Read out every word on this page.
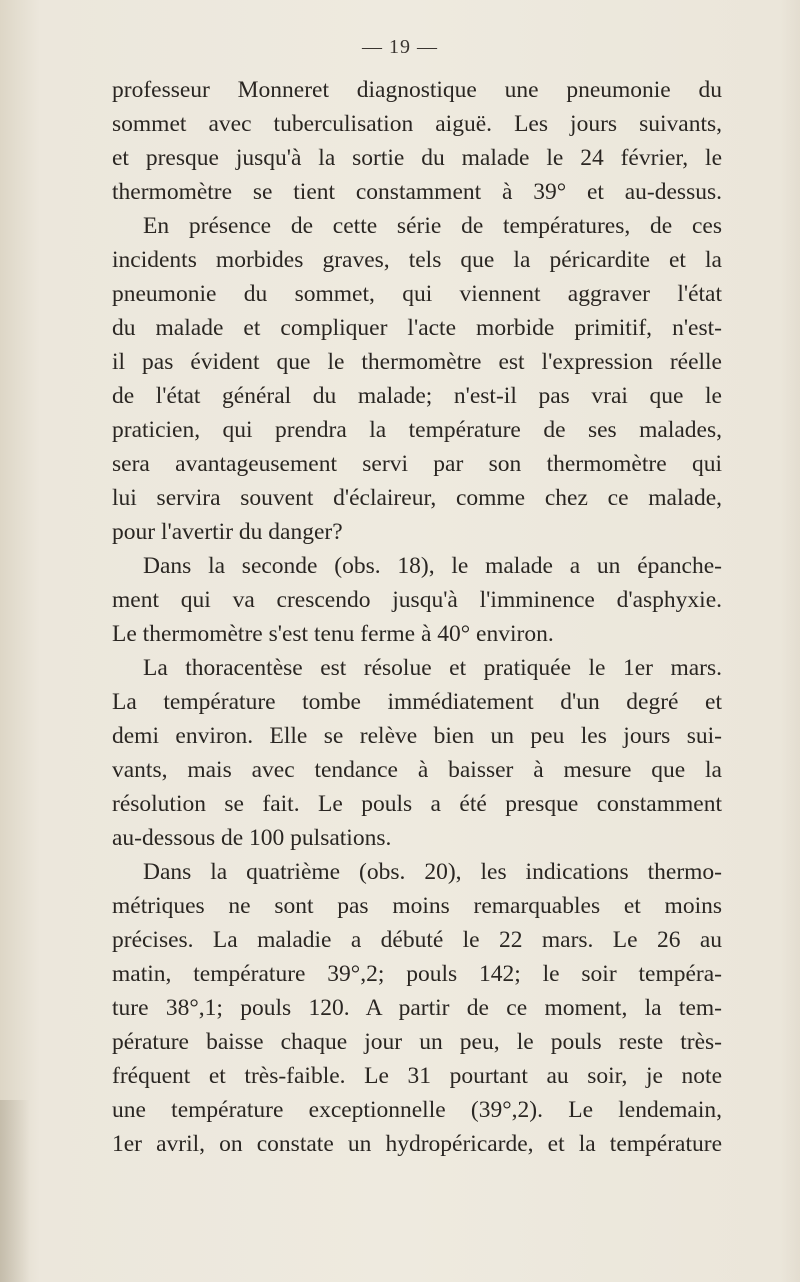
— 19 —
professeur Monneret diagnostique une pneumonie du
sommet avec tuberculisation aiguë. Les jours suivants,
et presque jusqu'à la sortie du malade le 24 février, le
thermomètre se tient constamment à 39° et au-dessus.
En présence de cette série de températures, de ces
incidents morbides graves, tels que la péricardite et la
pneumonie du sommet, qui viennent aggraver l'état
du malade et compliquer l'acte morbide primitif, n'est-
il pas évident que le thermomètre est l'expression réelle
de l'état général du malade; n'est-il pas vrai que le
praticien, qui prendra la température de ses malades,
sera avantageusement servi par son thermomètre qui
lui servira souvent d'éclaireur, comme chez ce malade,
pour l'avertir du danger?
Dans la seconde (obs. 18), le malade a un épanche-
ment qui va crescendo jusqu'à l'imminence d'asphyxie.
Le thermomètre s'est tenu ferme à 40° environ.
La thoracentèse est résolue et pratiquée le 1er mars.
La température tombe immédiatement d'un degré et
demi environ. Elle se relève bien un peu les jours sui-
vants, mais avec tendance à baisser à mesure que la
résolution se fait. Le pouls a été presque constamment
au-dessous de 100 pulsations.
Dans la quatrième (obs. 20), les indications thermo-
métriques ne sont pas moins remarquables et moins
précises. La maladie a débuté le 22 mars. Le 26 au
matin, température 39°,2; pouls 142; le soir tempéra-
ture 38°,1; pouls 120. A partir de ce moment, la tem-
pérature baisse chaque jour un peu, le pouls reste très-
fréquent et très-faible. Le 31 pourtant au soir, je note
une température exceptionnelle (39°,2). Le lendemain,
1er avril, on constate un hydropéricarde, et la température
